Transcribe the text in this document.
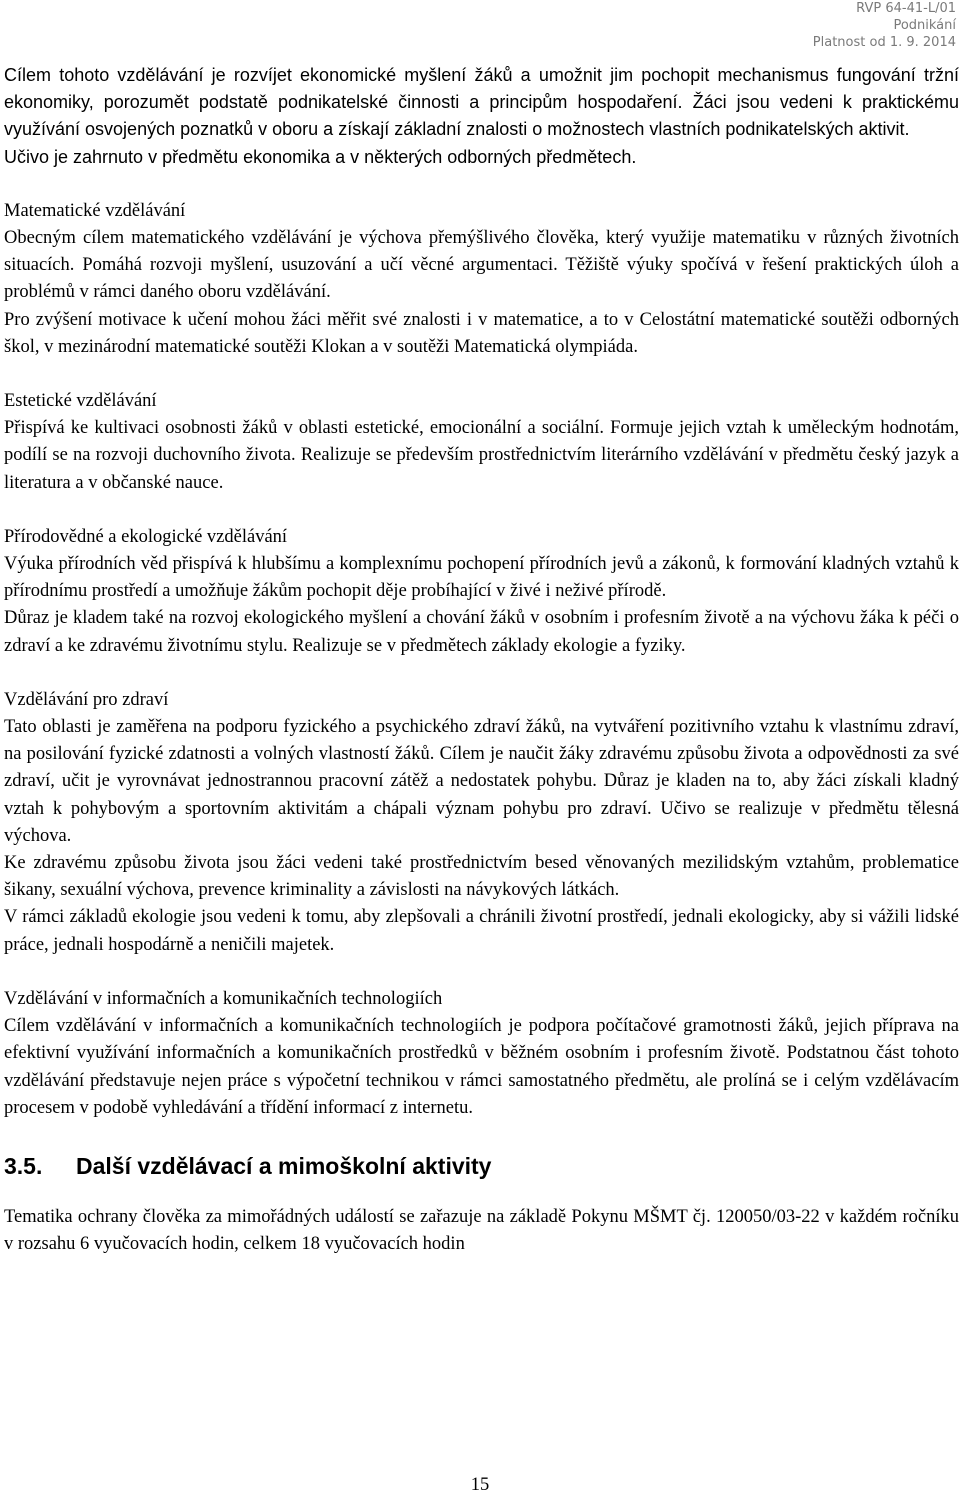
RVP 64-41-L/01
Podnikání
Platnost od 1. 9. 2014

Cílem tohoto vzdělávání je rozvíjet ekonomické myšlení žáků a umožnit jim pochopit mechanismus fungování tržní ekonomiky, porozumět podstatě podnikatelské činnosti a principům hospodaření. Žáci jsou vedeni k praktickému využívání osvojených poznatků v oboru a získají základní znalosti o možnostech vlastních podnikatelských aktivit.

Učivo je zahrnuto v předmětu ekonomika a v některých odborných předmětech.

Matematické vzdělávání

Obecným cílem matematického vzdělávání je výchova přemýšlivého člověka, který využije matematiku v různých životních situacích. Pomáhá rozvoji myšlení, usuzování a učí věcné argumentaci. Těžiště výuky spočívá v řešení praktických úloh a problémů v rámci daného oboru vzdělávání.

Pro zvýšení motivace k učení mohou žáci měřit své znalosti i v matematice, a to v Celostátní matematické soutěži odborných škol, v mezinárodní matematické soutěži Klokan a v soutěži Matematická olympiáda.

Estetické vzdělávání

Přispívá ke kultivaci osobnosti žáků v oblasti estetické, emocionální a sociální. Formuje jejich vztah k uměleckým hodnotám, podílí se na rozvoji duchovního života. Realizuje se především prostřednictvím literárního vzdělávání v předmětu český jazyk a literatura a v občanské nauce.

Přírodovědné a ekologické vzdělávání

Výuka přírodních věd přispívá k hlubšímu a komplexnímu pochopení přírodních jevů a zákonů, k formování kladných vztahů k přírodnímu prostředí a umožňuje žákům pochopit děje probíhající v živé i neživé přírodě.

Důraz je kladem také na rozvoj ekologického myšlení a chování žáků v osobním i profesním životě a na výchovu žáka k péči o zdraví a ke zdravému životnímu stylu. Realizuje se v předmětech základy ekologie a fyziky.

Vzdělávání pro zdraví

Tato oblasti je zaměřena na podporu fyzického a psychického zdraví žáků, na vytváření pozitivního vztahu k vlastnímu zdraví, na posilování fyzické zdatnosti a volných vlastností žáků. Cílem je naučit žáky zdravému způsobu života a odpovědnosti za své zdraví, učit je vyrovnávat jednostrannou pracovní zátěž a nedostatek pohybu. Důraz je kladen na to, aby žáci získali kladný vztah k pohybovým a sportovním aktivitám a chápali význam pohybu pro zdraví. Učivo se realizuje v předmětu tělesná výchova.

Ke zdravému způsobu života jsou žáci vedeni také prostřednictvím besed věnovaných mezilidským vztahům, problematice šikany, sexuální výchova, prevence kriminality a závislosti na návykových látkách.

V rámci základů ekologie jsou vedeni k tomu, aby zlepšovali a chránili životní prostředí, jednali ekologicky, aby si vážili lidské práce, jednali hospodárně a neničili majetek.

Vzdělávání v informačních a komunikačních technologiích

Cílem vzdělávání v informačních a komunikačních technologiích je podpora počítačové gramotnosti žáků, jejich příprava na efektivní využívání informačních a komunikačních prostředků v běžném osobním i profesním životě. Podstatnou část tohoto vzdělávání představuje nejen práce s výpočetní technikou v rámci samostatného předmětu, ale prolíná se i celým vzdělávacím procesem v podobě vyhledávání a třídění informací z internetu.

3.5.	Další vzdělávací a mimoškolní aktivity

Tematika ochrany člověka za mimořádných událostí se zařazuje na základě Pokynu MŠMT čj. 120050/03-22 v každém ročníku v rozsahu 6 vyučovacích hodin, celkem 18 vyučovacích hodin

15
